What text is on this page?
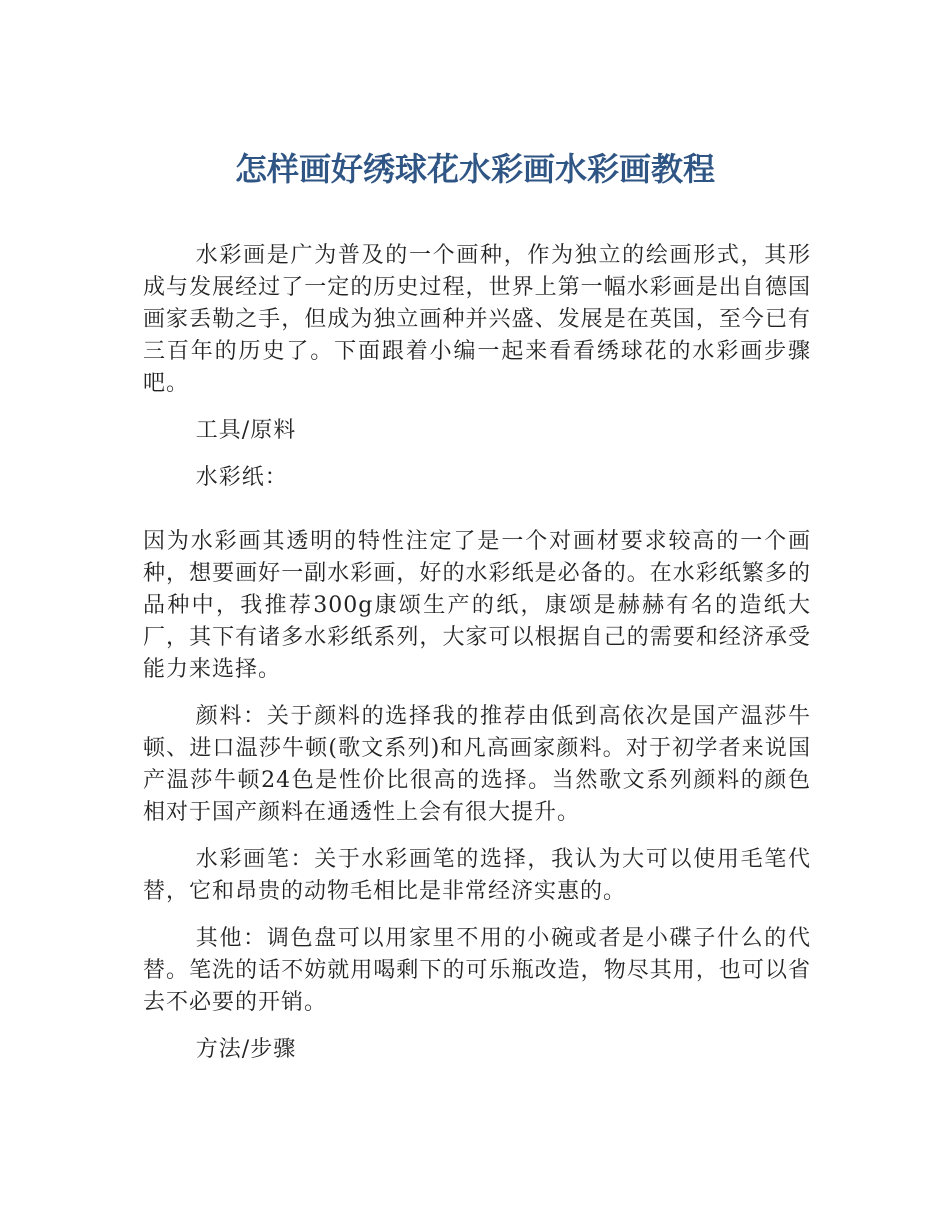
怎样画好绣球花水彩画水彩画教程

水彩画是广为普及的一个画种，作为独立的绘画形式，其形成与发展经过了一定的历史过程，世界上第一幅水彩画是出自德国画家丢勒之手，但成为独立画种并兴盛、发展是在英国，至今已有三百年的历史了。下面跟着小编一起来看看绣球花的水彩画步骤吧。

工具/原料

水彩纸：

因为水彩画其透明的特性注定了是一个对画材要求较高的一个画种，想要画好一副水彩画，好的水彩纸是必备的。在水彩纸繁多的品种中，我推荐300g康颂生产的纸，康颂是赫赫有名的造纸大厂，其下有诸多水彩纸系列，大家可以根据自己的需要和经济承受能力来选择。

颜料：关于颜料的选择我的推荐由低到高依次是国产温莎牛顿、进口温莎牛顿(歌文系列)和凡高画家颜料。对于初学者来说国产温莎牛顿24色是性价比很高的选择。当然歌文系列颜料的颜色相对于国产颜料在通透性上会有很大提升。

水彩画笔：关于水彩画笔的选择，我认为大可以使用毛笔代替，它和昂贵的动物毛相比是非常经济实惠的。

其他：调色盘可以用家里不用的小碗或者是小碟子什么的代替。笔洗的话不妨就用喝剩下的可乐瓶改造，物尽其用，也可以省去不必要的开销。

方法/步骤
